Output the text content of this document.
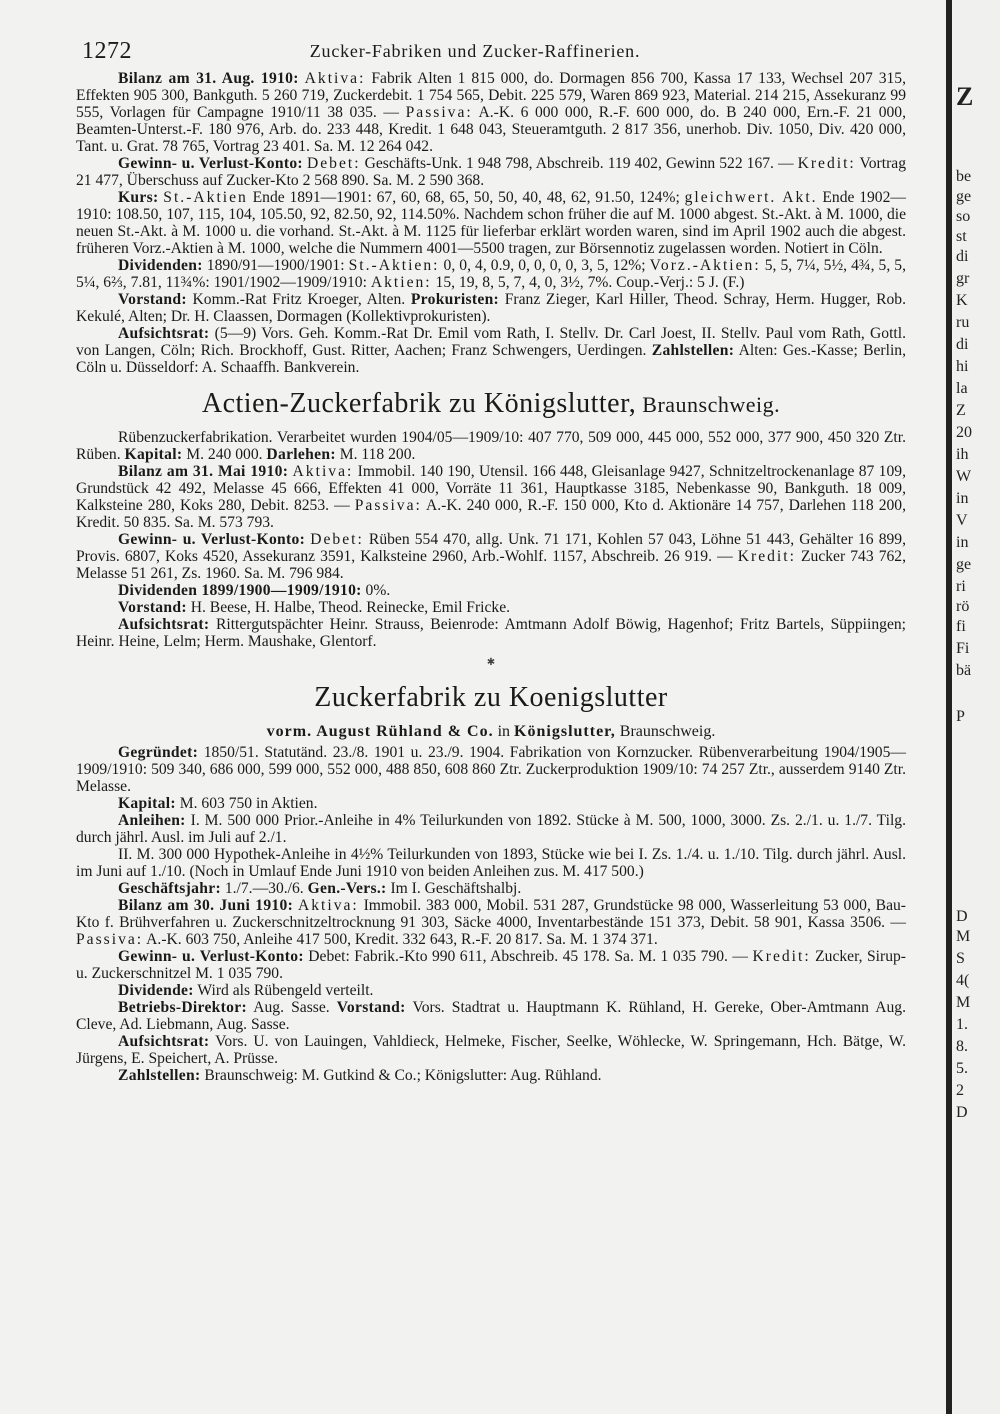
1272	Zucker-Fabriken und Zucker-Raffinerien.

Bilanz am 31. Aug. 1910: Aktiva: Fabrik Alten 1 815 000, do. Dormagen 856 700, Kassa 17 133, Wechsel 207 315, Effekten 905 300, Bankguth. 5 260 719, Zuckerdebit. 1 754 565, Debit. 225 579, Waren 869 923, Material. 214 215, Assekuranz 99 555, Vorlagen für Campagne 1910/11 38 035. — Passiva: A.-K. 6 000 000, R.-F. 600 000, do. B 240 000, Ern.-F. 21 000, Beamten-Unterst.-F. 180 976, Arb. do. 233 448, Kredit. 1 648 043, Steueramtguth. 2 817 356, unerhob. Div. 1050, Div. 420 000, Tant. u. Grat. 78 765, Vortrag 23 401. Sa. M. 12 264 042.

Gewinn- u. Verlust-Konto: Debet: Geschäfts-Unk. 1 948 798, Abschreib. 119 402, Gewinn 522 167. — Kredit: Vortrag 21 477, Überschuss auf Zucker-Kto 2 568 890. Sa. M. 2 590 368.

Kurs: St.-Aktien Ende 1891—1901: 67, 60, 68, 65, 50, 50, 40, 48, 62, 91.50, 124%; gleichwert. Akt. Ende 1902—1910: 108.50, 107, 115, 104, 105.50, 92, 82.50, 92, 114.50%. Nachdem schon früher die auf M. 1000 abgest. St.-Akt. à M. 1000, die neuen St.-Akt. à M. 1000 u. die vorhand. St.-Akt. à M. 1125 für lieferbar erklärt worden waren, sind im April 1902 auch die abgest. früheren Vorz.-Aktien à M. 1000, welche die Nummern 4001—5500 tragen, zur Börsennotiz zugelassen worden. Notiert in Cöln.

Dividenden: 1890/91—1900/1901: St.-Aktien: 0, 0, 4, 0.9, 0, 0, 0, 0, 3, 5, 12%; Vorz.-Aktien: 5, 5, 7¼, 5½, 4¾, 5, 5, 5¼, 6⅔, 7.81, 11¾%: 1901/1902—1909/1910: Aktien: 15, 19, 8, 5, 7, 4, 0, 3½, 7%. Coup.-Verj.: 5 J. (F.)

Vorstand: Komm.-Rat Fritz Kroeger, Alten. Prokuristen: Franz Zieger, Karl Hiller, Theod. Schray, Herm. Hugger, Rob. Kekulé, Alten; Dr. H. Claassen, Dormagen (Kollektivprokuristen).

Aufsichtsrat: (5—9) Vors. Geh. Komm.-Rat Dr. Emil vom Rath, I. Stellv. Dr. Carl Joest, II. Stellv. Paul vom Rath, Gottl. von Langen, Cöln; Rich. Brockhoff, Gust. Ritter, Aachen; Franz Schwengers, Uerdingen. Zahlstellen: Alten: Ges.-Kasse; Berlin, Cöln u. Düsseldorf: A. Schaaffh. Bankverein.

Actien-Zuckerfabrik zu Königslutter, Braunschweig.

Rübenzuckerfabrikation. Verarbeitet wurden 1904/05—1909/10: 407 770, 509 000, 445 000, 552 000, 377 900, 450 320 Ztr. Rüben. Kapital: M. 240 000. Darlehen: M. 118 200.

Bilanz am 31. Mai 1910: Aktiva: Immobil. 140 190, Utensil. 166 448, Gleisanlage 9427, Schnitzeltrockenanlage 87 109, Grundstück 42 492, Melasse 45 666, Effekten 41 000, Vorräte 11 361, Hauptkasse 3185, Nebenkasse 90, Bankguth. 18 009, Kalksteine 280, Koks 280, Debit. 8253. — Passiva: A.-K. 240 000, R.-F. 150 000, Kto d. Aktionäre 14 757, Darlehen 118 200, Kredit. 50 835. Sa. M. 573 793.

Gewinn- u. Verlust-Konto: Debet: Rüben 554 470, allg. Unk. 71 171, Kohlen 57 043, Löhne 51 443, Gehälter 16 899, Provis. 6807, Koks 4520, Assekuranz 3591, Kalksteine 2960, Arb.-Wohlf. 1157, Abschreib. 26 919. — Kredit: Zucker 743 762, Melasse 51 261, Zs. 1960. Sa. M. 796 984.

Dividenden 1899/1900—1909/1910: 0%.

Vorstand: H. Beese, H. Halbe, Theod. Reinecke, Emil Fricke.

Aufsichtsrat: Rittergutspächter Heinr. Strauss, Beienrode: Amtmann Adolf Böwig, Hagenhof; Fritz Bartels, Süppiingen; Heinr. Heine, Lelm; Herm. Maushake, Glentorf.

✱
Zuckerfabrik zu Koenigslutter
vorm. August Rühland & Co. in Königslutter, Braunschweig.

Gegründet: 1850/51. Statutänd. 23./8. 1901 u. 23./9. 1904. Fabrikation von Kornzucker. Rübenverarbeitung 1904/1905—1909/1910: 509 340, 686 000, 599 000, 552 000, 488 850, 608 860 Ztr. Zuckerproduktion 1909/10: 74 257 Ztr., ausserdem 9140 Ztr. Melasse.

Kapital: M. 603 750 in Aktien.

Anleihen: I. M. 500 000 Prior.-Anleihe in 4% Teilurkunden von 1892. Stücke à M. 500, 1000, 3000. Zs. 2./1. u. 1./7. Tilg. durch jährl. Ausl. im Juli auf 2./1.

II. M. 300 000 Hypothek-Anleihe in 4½% Teilurkunden von 1893, Stücke wie bei I. Zs. 1./4. u. 1./10. Tilg. durch jährl. Ausl. im Juni auf 1./10. (Noch in Umlauf Ende Juni 1910 von beiden Anleihen zus. M. 417 500.)

Geschäftsjahr: 1./7.—30./6. Gen.-Vers.: Im I. Geschäftshalbj.

Bilanz am 30. Juni 1910: Aktiva: Immobil. 383 000, Mobil. 531 287, Grundstücke 98 000, Wasserleitung 53 000, Bau-Kto f. Brühverfahren u. Zuckerschnitzeltrocknung 91 303, Säcke 4000, Inventarbestände 151 373, Debit. 58 901, Kassa 3506. — Passiva: A.-K. 603 750, Anleihe 417 500, Kredit. 332 643, R.-F. 20 817. Sa. M. 1 374 371.

Gewinn- u. Verlust-Konto: Debet: Fabrik.-Kto 990 611, Abschreib. 45 178. Sa. M. 1 035 790. — Kredit: Zucker, Sirup- u. Zuckerschnitzel M. 1 035 790.

Dividende: Wird als Rübengeld verteilt.

Betriebs-Direktor: Aug. Sasse. Vorstand: Vors. Stadtrat u. Hauptmann K. Rühland, H. Gereke, Ober-Amtmann Aug. Cleve, Ad. Liebmann, Aug. Sasse.

Aufsichtsrat: Vors. U. von Lauingen, Vahldieck, Helmeke, Fischer, Seelke, Wöhlecke, W. Springemann, Hch. Bätge, W. Jürgens, E. Speichert, A. Prüsse.

Zahlstellen: Braunschweig: M. Gutkind & Co.; Königslutter: Aug. Rühland.

Z
be
ge
so
st
di
gr
K
ru
di
hi
la
Z
20
ih
W
in
V
in
ge
ri
rö
fi
Fi
bä
P
D
M
S
4(
M
1.
8.
5.
2
D
